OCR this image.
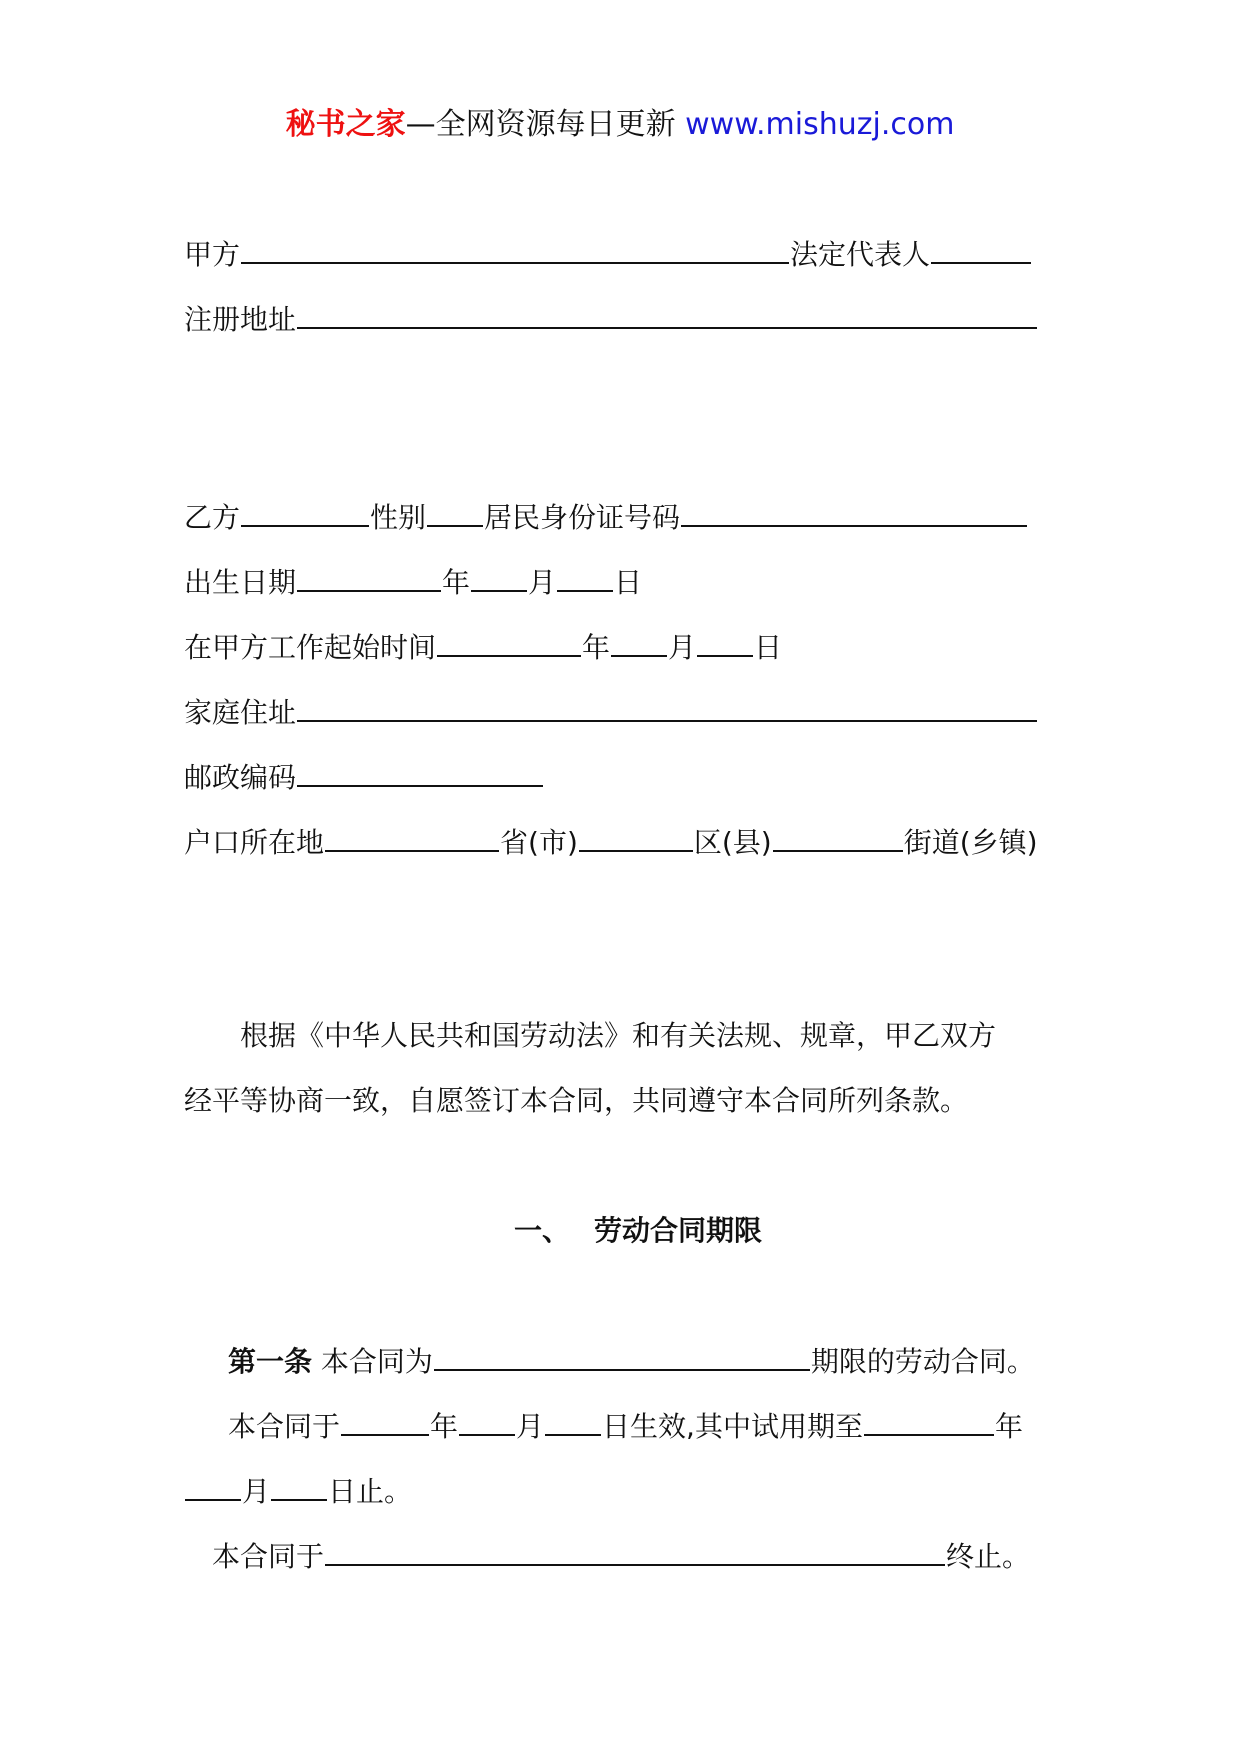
秘书之家—全网资源每日更新 www.mishuzj.com
甲方	法定代表人
注册地址
乙方	性别 居民身份证号码
出生日期	年 月 日
在甲方工作起始时间	年 月 日
家庭住址
邮政编码
户口所在地	省(市)	区(县)	街道(乡镇)
根据《中华人民共和国劳动法》和有关法规、规章，甲乙双方
经平等协商一致，自愿签订本合同，共同遵守本合同所列条款。
一、 劳动合同期限
第一条 本合同为	期限的劳动合同。
本合同于	年 月 日生效,其中试用期至	年
月 日止。
本合同于	终止。
